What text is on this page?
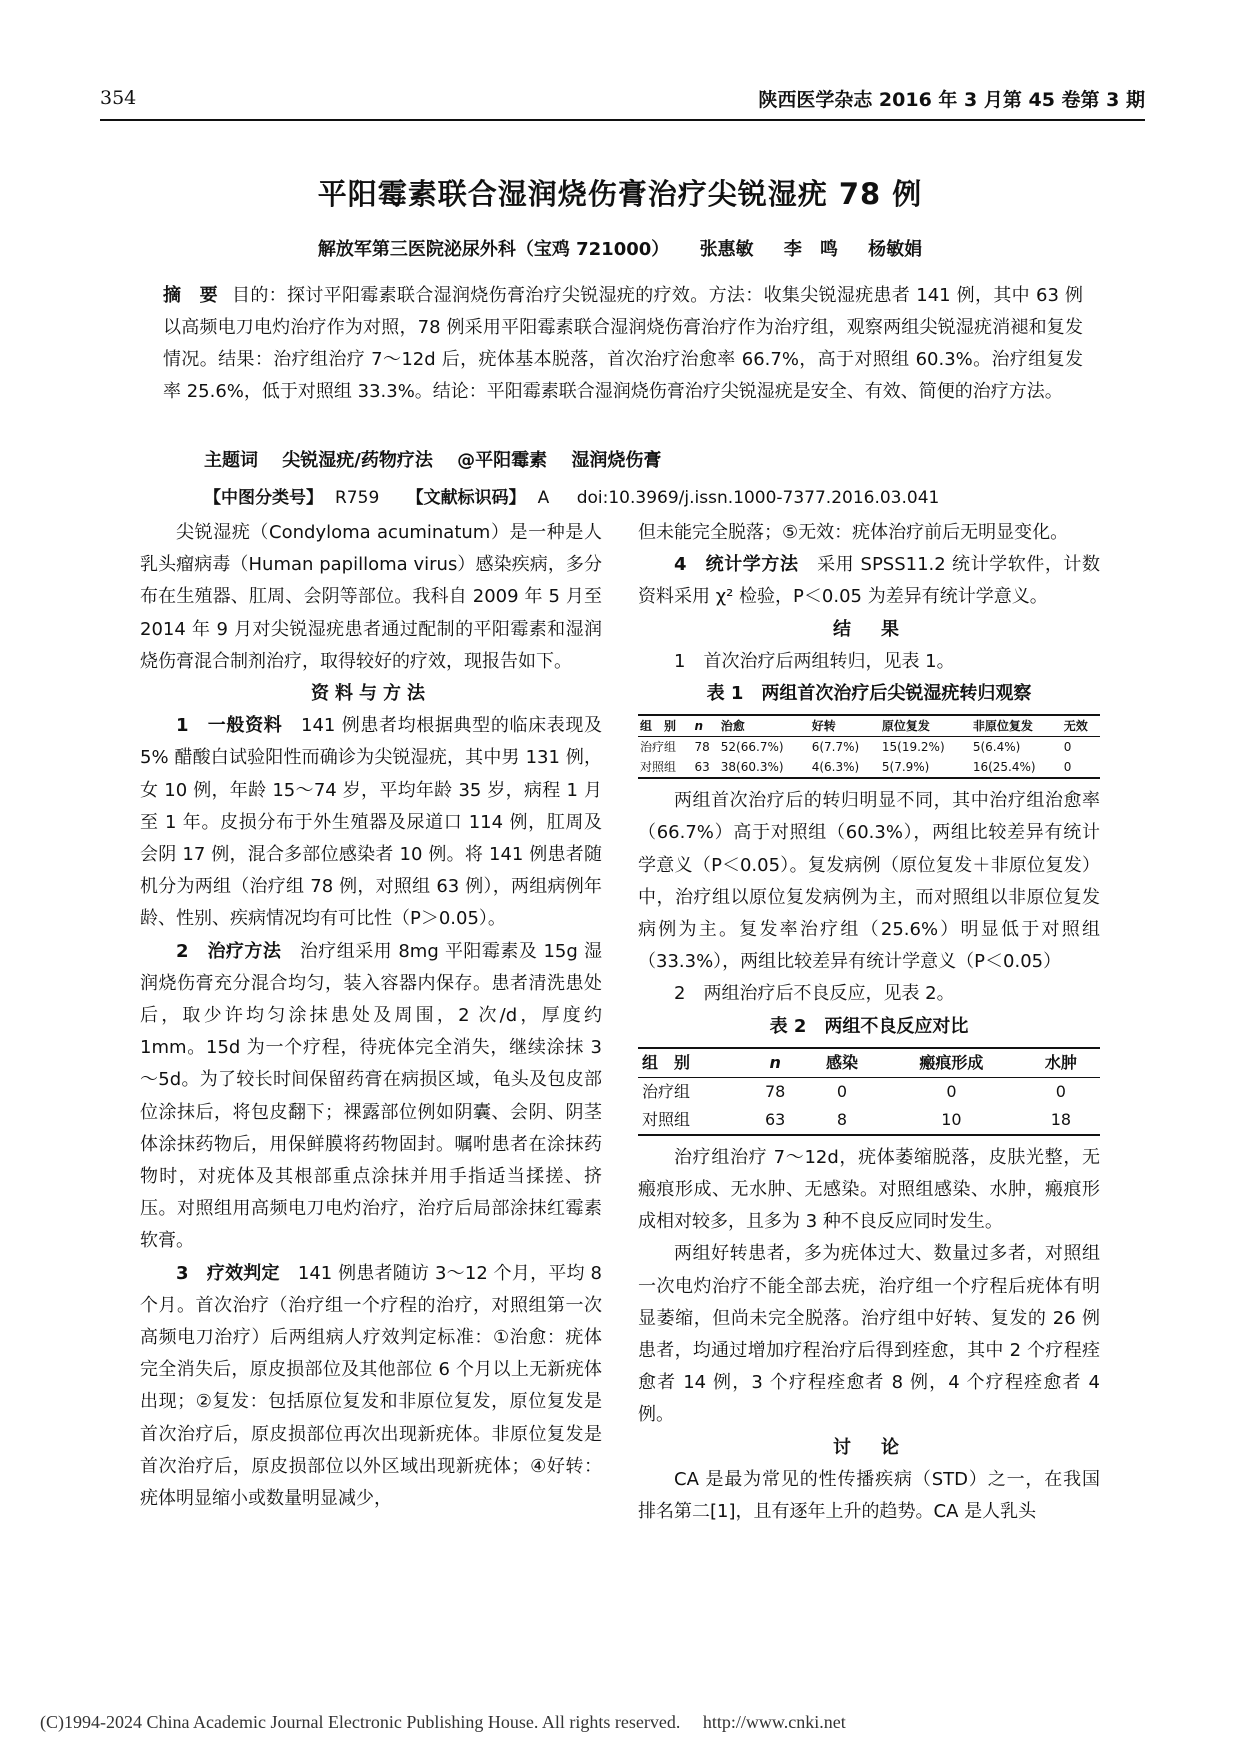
354	陕西医学杂志 2016 年 3 月第 45 卷第 3 期
平阳霉素联合湿润烧伤膏治疗尖锐湿疣 78 例
解放军第三医院泌尿外科（宝鸡 721000） 张惠敏 李　鸣 杨敏娟
摘　要 目的：探讨平阳霉素联合湿润烧伤膏治疗尖锐湿疣的疗效。方法：收集尖锐湿疣患者 141 例，其中 63 例以高频电刀电灼治疗作为对照，78 例采用平阳霉素联合湿润烧伤膏治疗作为治疗组，观察两组尖锐湿疣消褪和复发情况。结果：治疗组治疗 7～12d 后，疣体基本脱落，首次治疗治愈率 66.7%，高于对照组 60.3%。治疗组复发率 25.6%，低于对照组 33.3%。结论：平阳霉素联合湿润烧伤膏治疗尖锐湿疣是安全、有效、简便的治疗方法。
主题词 尖锐湿疣/药物疗法 @平阳霉素 湿润烧伤膏
【中图分类号】 R759 【文献标识码】 A doi:10.3969/j.issn.1000-7377.2016.03.041

尖锐湿疣（Condyloma acuminatum）是一种是人乳头瘤病毒（Human papilloma virus）感染疾病，多分布在生殖器、肛周、会阴等部位。我科自 2009 年 5 月至 2014 年 9 月对尖锐湿疣患者通过配制的平阳霉素和湿润烧伤膏混合制剂治疗，取得较好的疗效，现报告如下。

资料与方法

1　一般资料　 141 例患者均根据典型的临床表现及 5% 醋酸白试验阳性而确诊为尖锐湿疣，其中男 131 例，女 10 例，年龄 15～74 岁，平均年龄 35 岁，病程 1 月至 1 年。皮损分布于外生殖器及尿道口 114 例，肛周及会阴 17 例，混合多部位感染者 10 例。将 141 例患者随机分为两组（治疗组 78 例，对照组 63 例），两组病例年龄、性别、疾病情况均有可比性（P＞0.05）。

2　治疗方法　 治疗组采用 8mg 平阳霉素及 15g 湿润烧伤膏充分混合均匀，装入容器内保存。患者清洗患处后，取少许均匀涂抹患处及周围，2 次/d，厚度约 1mm。15d 为一个疗程，待疣体完全消失，继续涂抹 3～5d。为了较长时间保留药膏在病损区域，龟头及包皮部位涂抹后，将包皮翻下；裸露部位例如阴囊、会阴、阴茎体涂抹药物后，用保鲜膜将药物固封。嘱咐患者在涂抹药物时，对疣体及其根部重点涂抹并用手指适当揉搓、挤压。对照组用高频电刀电灼治疗，治疗后局部涂抹红霉素软膏。

3　疗效判定　 141 例患者随访 3～12 个月，平均 8 个月。首次治疗（治疗组一个疗程的治疗，对照组第一次高频电刀治疗）后两组病人疗效判定标准：①治愈：疣体完全消失后，原皮损部位及其他部位 6 个月以上无新疣体出现；②复发：包括原位复发和非原位复发，原位复发是首次治疗后，原皮损部位再次出现新疣体。非原位复发是首次治疗后，原皮损部位以外区域出现新疣体；④好转：疣体明显缩小或数量明显减少，

但未能完全脱落；⑤无效：疣体治疗前后无明显变化。

4　统计学方法　 采用 SPSS11.2 统计学软件，计数资料采用 χ² 检验，P＜0.05 为差异有统计学意义。

结　果

1　首次治疗后两组转归，见表 1。

表 1　两组首次治疗后尖锐湿疣转归观察
组　别	n	治愈	好转	原位复发	非原位复发	无效
治疗组	78	52(66.7%)	6(7.7%)	15(19.2%)	5(6.4%)	0
对照组	63	38(60.3%)	4(6.3%)	5(7.9%)	16(25.4%)	0

两组首次治疗后的转归明显不同，其中治疗组治愈率（66.7%）高于对照组（60.3%），两组比较差异有统计学意义（P＜0.05）。复发病例（原位复发＋非原位复发）中，治疗组以原位复发病例为主，而对照组以非原位复发病例为主。复发率治疗组（25.6%）明显低于对照组（33.3%），两组比较差异有统计学意义（P＜0.05）

2　两组治疗后不良反应，见表 2。

表 2　两组不良反应对比
组　别	n	感染	瘢痕形成	水肿
治疗组	78	0	0	0
对照组	63	8	10	18

治疗组治疗 7～12d，疣体萎缩脱落，皮肤光整，无瘢痕形成、无水肿、无感染。对照组感染、水肿，瘢痕形成相对较多，且多为 3 种不良反应同时发生。

两组好转患者，多为疣体过大、数量过多者，对照组一次电灼治疗不能全部去疣，治疗组一个疗程后疣体有明显萎缩，但尚未完全脱落。治疗组中好转、复发的 26 例患者，均通过增加疗程治疗后得到痊愈，其中 2 个疗程痊愈者 14 例，3 个疗程痊愈者 8 例，4 个疗程痊愈者 4 例。

讨　论

CA 是最为常见的性传播疾病（STD）之一，在我国排名第二[1]，且有逐年上升的趋势。CA 是人乳头

(C)1994-2024 China Academic Journal Electronic Publishing House. All rights reserved. http://www.cnki.net
